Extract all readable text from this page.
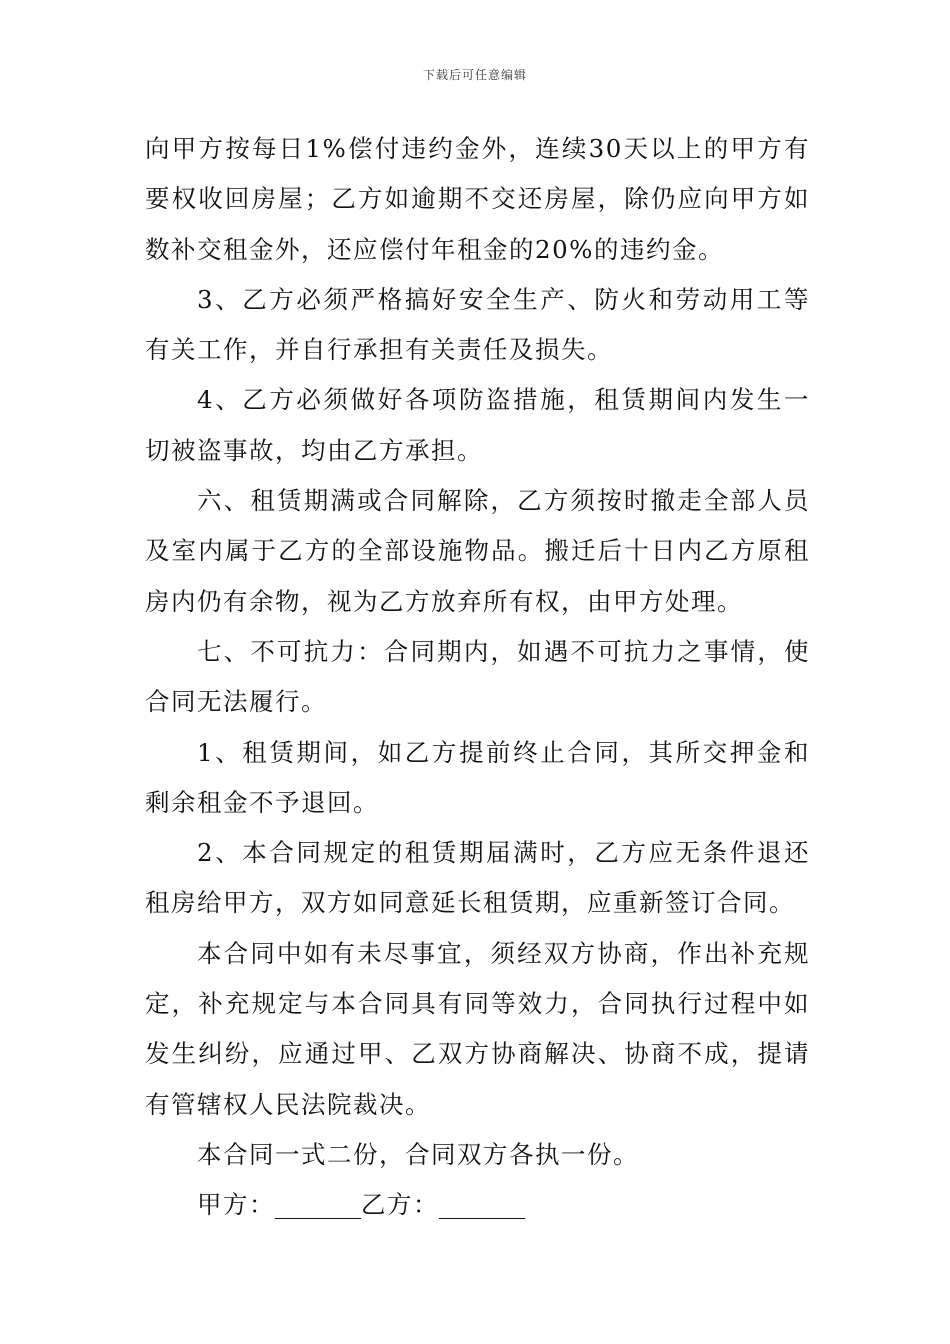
下载后可任意编辑

向甲方按每日1%偿付违约金外，连续30天以上的甲方有要权收回房屋；乙方如逾期不交还房屋，除仍应向甲方如数补交租金外，还应偿付年租金的20%的违约金。

3、乙方必须严格搞好安全生产、防火和劳动用工等有关工作，并自行承担有关责任及损失。

4、乙方必须做好各项防盗措施，租赁期间内发生一切被盗事故，均由乙方承担。

六、租赁期满或合同解除，乙方须按时撤走全部人员及室内属于乙方的全部设施物品。搬迁后十日内乙方原租房内仍有余物，视为乙方放弃所有权，由甲方处理。

七、不可抗力：合同期内，如遇不可抗力之事情，使合同无法履行。

1、租赁期间，如乙方提前终止合同，其所交押金和剩余租金不予退回。

2、本合同规定的租赁期届满时，乙方应无条件退还租房给甲方，双方如同意延长租赁期，应重新签订合同。

本合同中如有未尽事宜，须经双方协商，作出补充规定，补充规定与本合同具有同等效力，合同执行过程中如发生纠纷，应通过甲、乙双方协商解决、协商不成，提请有管辖权人民法院裁决。

本合同一式二份，合同双方各执一份。

甲方：	乙方：
